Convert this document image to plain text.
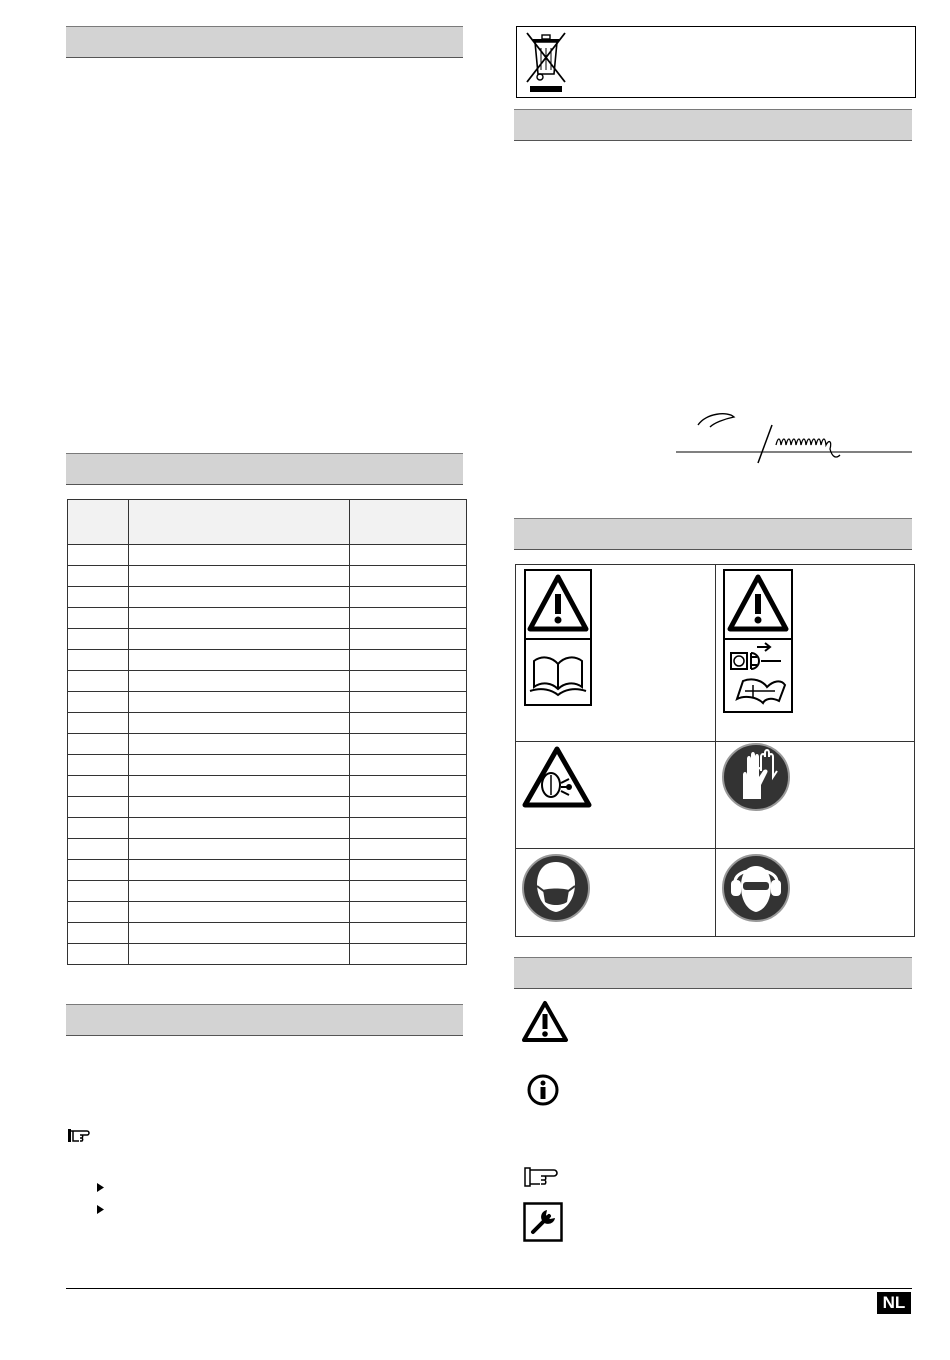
NL
